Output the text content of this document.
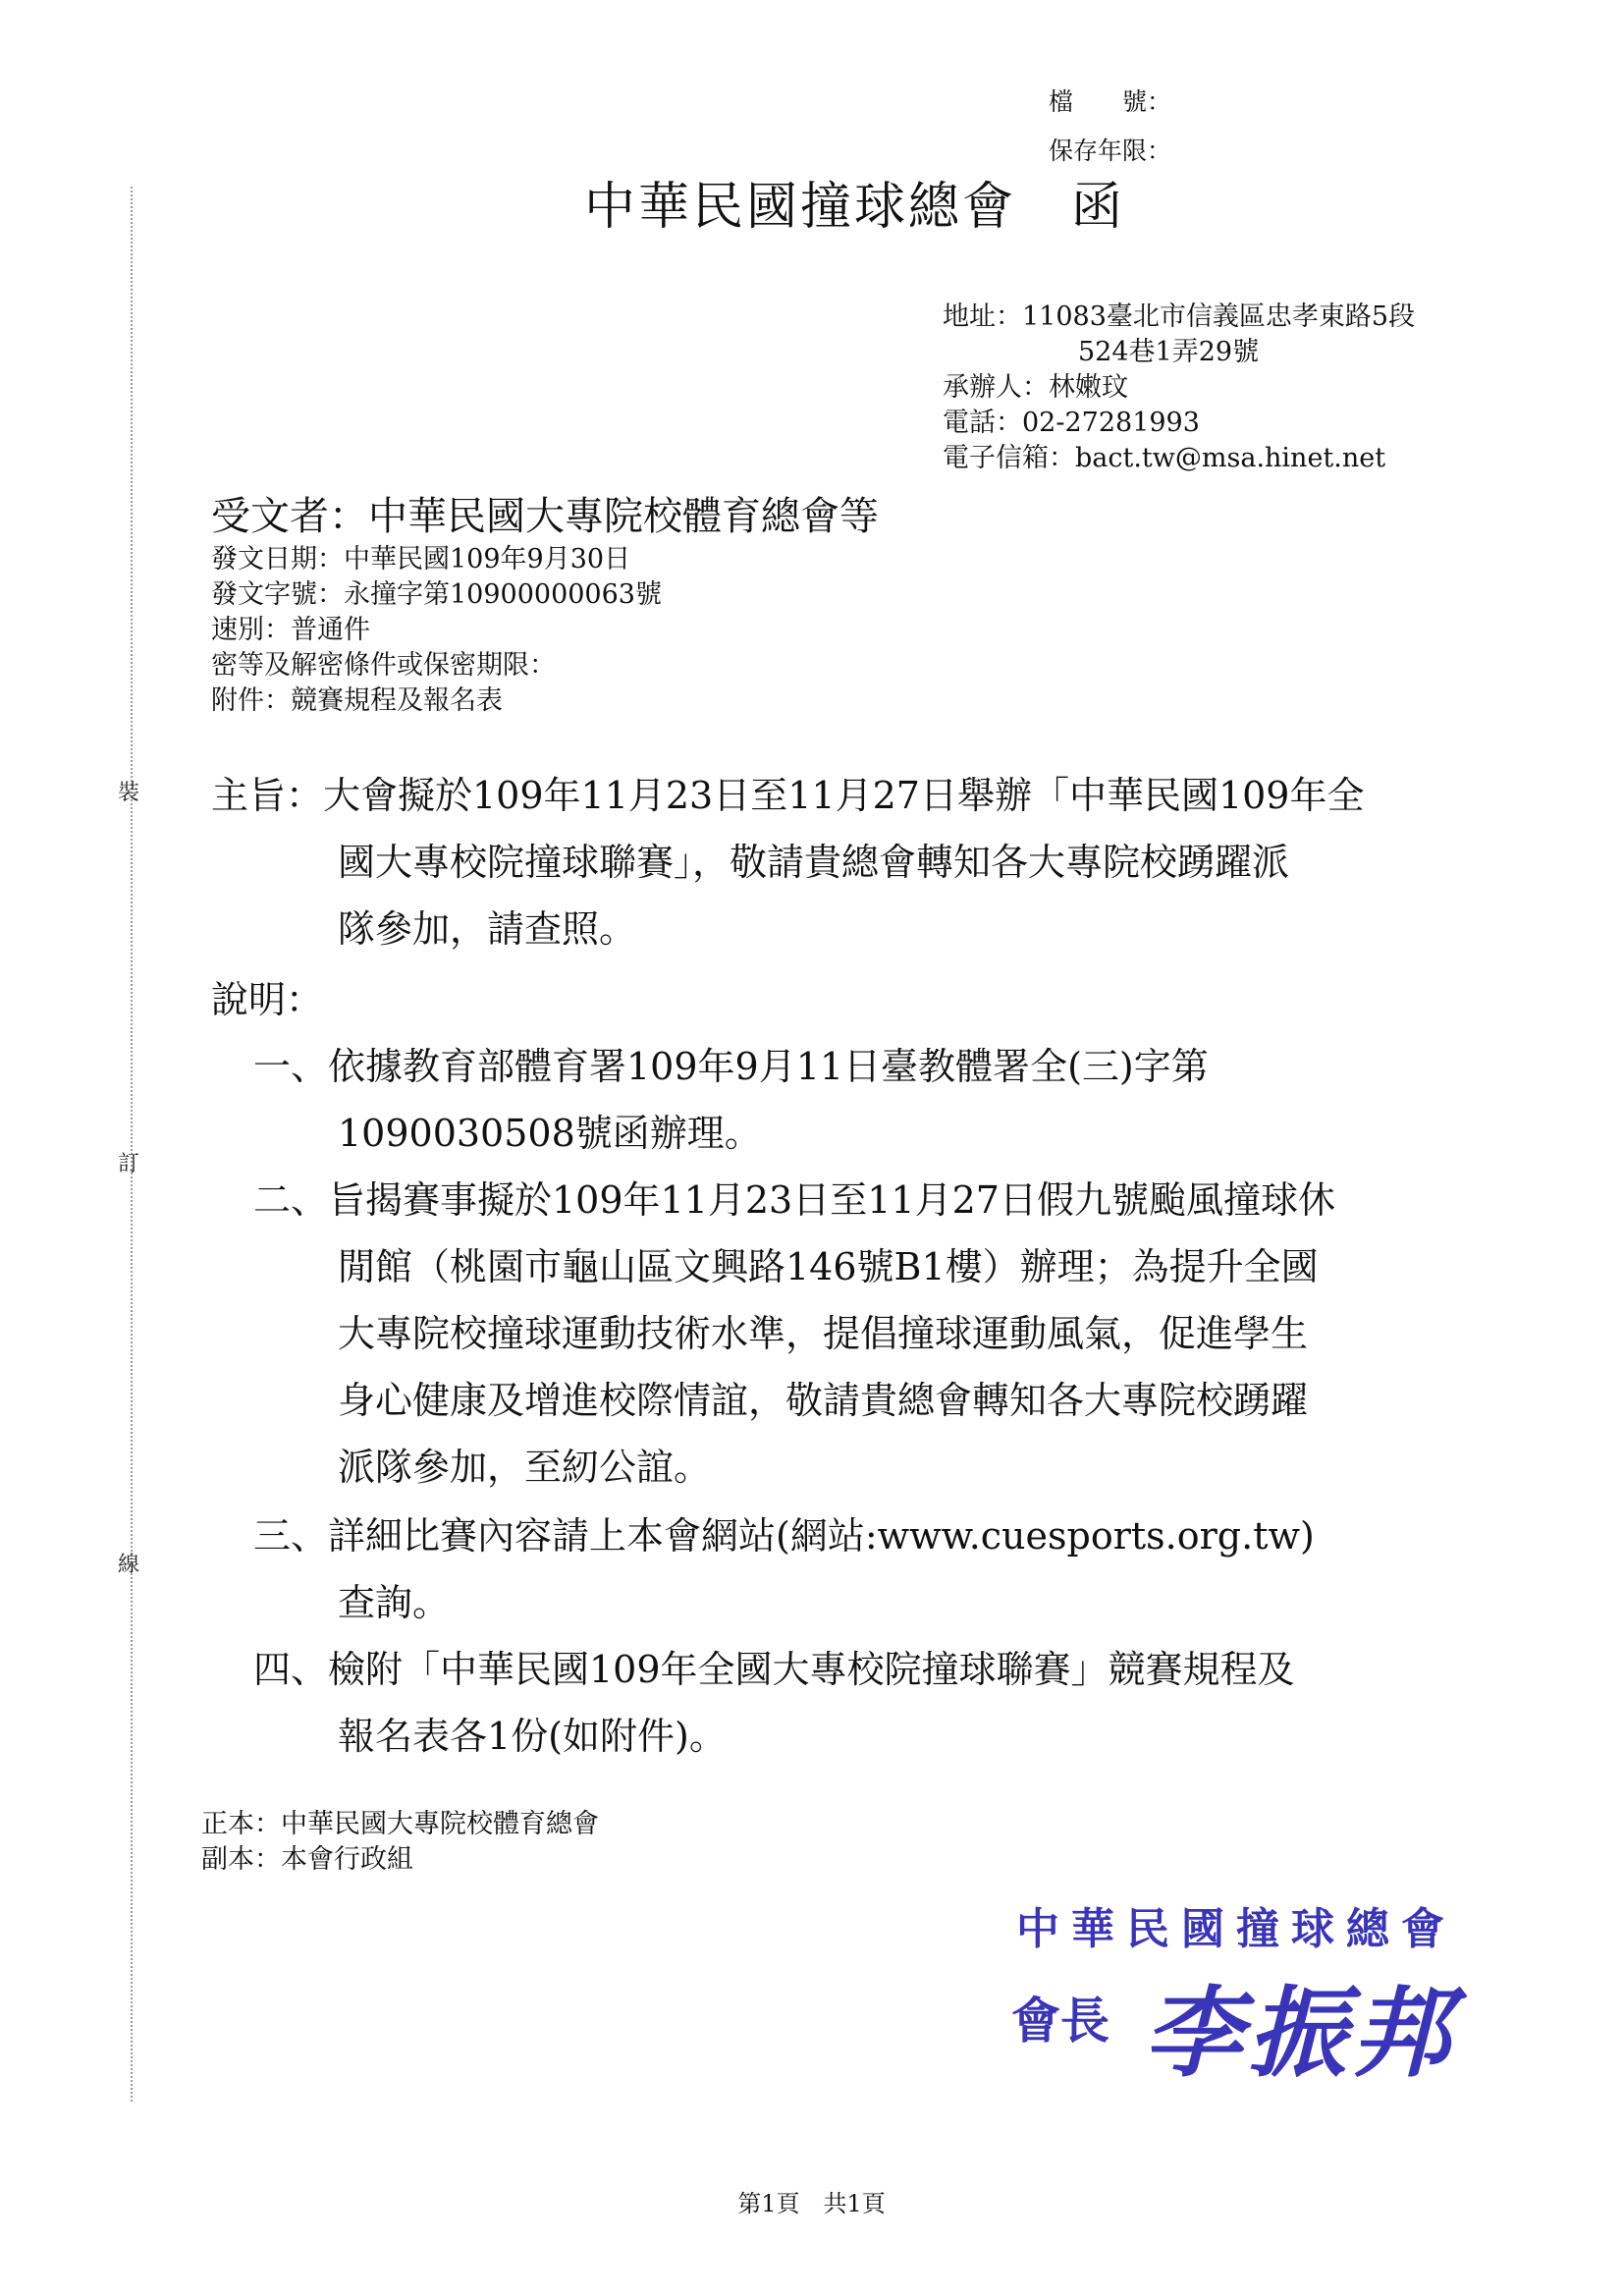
裝
訂
線
檔　　號：
保存年限：
中華民國撞球總會 函
地址：11083臺北市信義區忠孝東路5段
524巷1弄29號
承辦人：林嫩玟
電話：02-27281993
電子信箱：bact.tw@msa.hinet.net
受文者：中華民國大專院校體育總會等
發文日期：中華民國109年9月30日
發文字號：永撞字第10900000063號
速別：普通件
密等及解密條件或保密期限：
附件：競賽規程及報名表
主旨：大會擬於109年11月23日至11月27日舉辦「中華民國109年全
國大專校院撞球聯賽」，敬請貴總會轉知各大專院校踴躍派
隊參加，請查照。
說明：
一、依據教育部體育署109年9月11日臺教體署全(三)字第
1090030508號函辦理。
二、旨揭賽事擬於109年11月23日至11月27日假九號颱風撞球休
閒館（桃園市龜山區文興路146號B1樓）辦理；為提升全國
大專院校撞球運動技術水準，提倡撞球運動風氣，促進學生
身心健康及增進校際情誼，敬請貴總會轉知各大專院校踴躍
派隊參加，至紉公誼。
三、詳細比賽內容請上本會網站(網站:www.cuesports.org.tw)
查詢。
四、檢附「中華民國109年全國大專校院撞球聯賽」競賽規程及
報名表各1份(如附件)。
正本：中華民國大專院校體育總會
副本：本會行政組
中華民國撞球總會
會長 李振邦
第1頁　共1頁
